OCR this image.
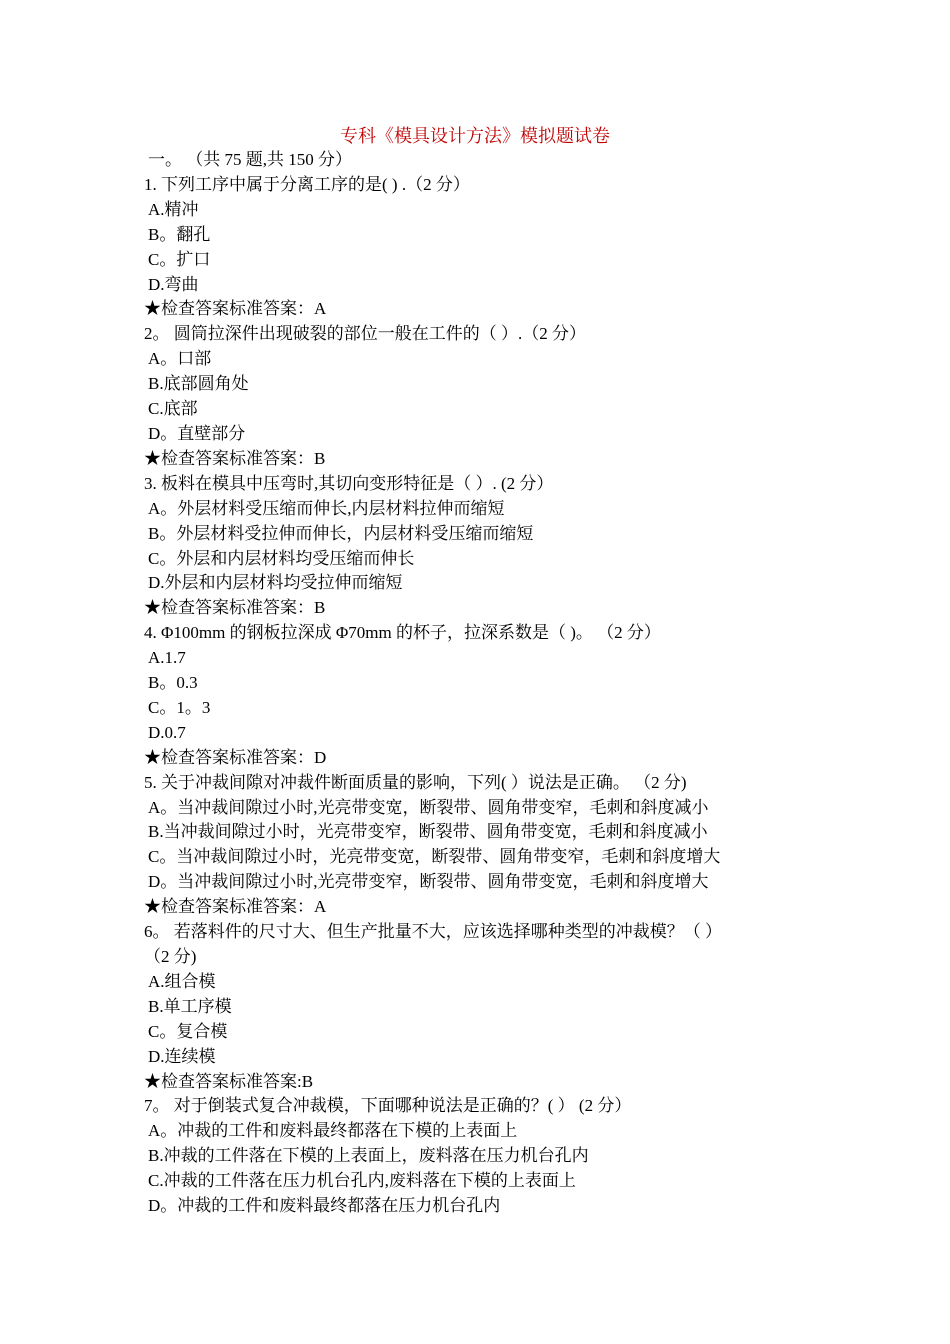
专科《模具设计方法》模拟题试卷
一。 （共 75 题,共 150 分）
1. 下列工序中属于分离工序的是( ) .（2 分）
A.精冲
B。翻孔
C。扩口
D.弯曲
★检查答案标准答案：A
2。 圆筒拉深件出现破裂的部位一般在工件的（ ）.（2 分）
A。口部
B.底部圆角处
C.底部
D。直壁部分
★检查答案标准答案：B
3. 板料在模具中压弯时,其切向变形特征是（ ）. (2 分）
A。外层材料受压缩而伸长,内层材料拉伸而缩短
B。外层材料受拉伸而伸长，内层材料受压缩而缩短
C。外层和内层材料均受压缩而伸长
D.外层和内层材料均受拉伸而缩短
★检查答案标准答案：B
4. Φ100mm 的钢板拉深成 Φ70mm 的杯子，拉深系数是（ )。 （2 分）
A.1.7
B。0.3
C。1。3
D.0.7
★检查答案标准答案：D
5. 关于冲裁间隙对冲裁件断面质量的影响，下列( ）说法是正确。 （2 分)
A。当冲裁间隙过小时,光亮带变宽，断裂带、圆角带变窄，毛刺和斜度减小
B.当冲裁间隙过小时，光亮带变窄，断裂带、圆角带变宽，毛刺和斜度减小
C。当冲裁间隙过小时，光亮带变宽，断裂带、圆角带变窄，毛刺和斜度增大
D。当冲裁间隙过小时,光亮带变窄，断裂带、圆角带变宽，毛刺和斜度增大
★检查答案标准答案：A
6。 若落料件的尺寸大、但生产批量不大，应该选择哪种类型的冲裁模？（ ）
（2 分)
A.组合模
B.单工序模
C。复合模
D.连续模
★检查答案标准答案:B
7。 对于倒装式复合冲裁模，下面哪种说法是正确的？( ） (2 分）
A。冲裁的工件和废料最终都落在下模的上表面上
B.冲裁的工件落在下模的上表面上，废料落在压力机台孔内
C.冲裁的工件落在压力机台孔内,废料落在下模的上表面上
D。冲裁的工件和废料最终都落在压力机台孔内
